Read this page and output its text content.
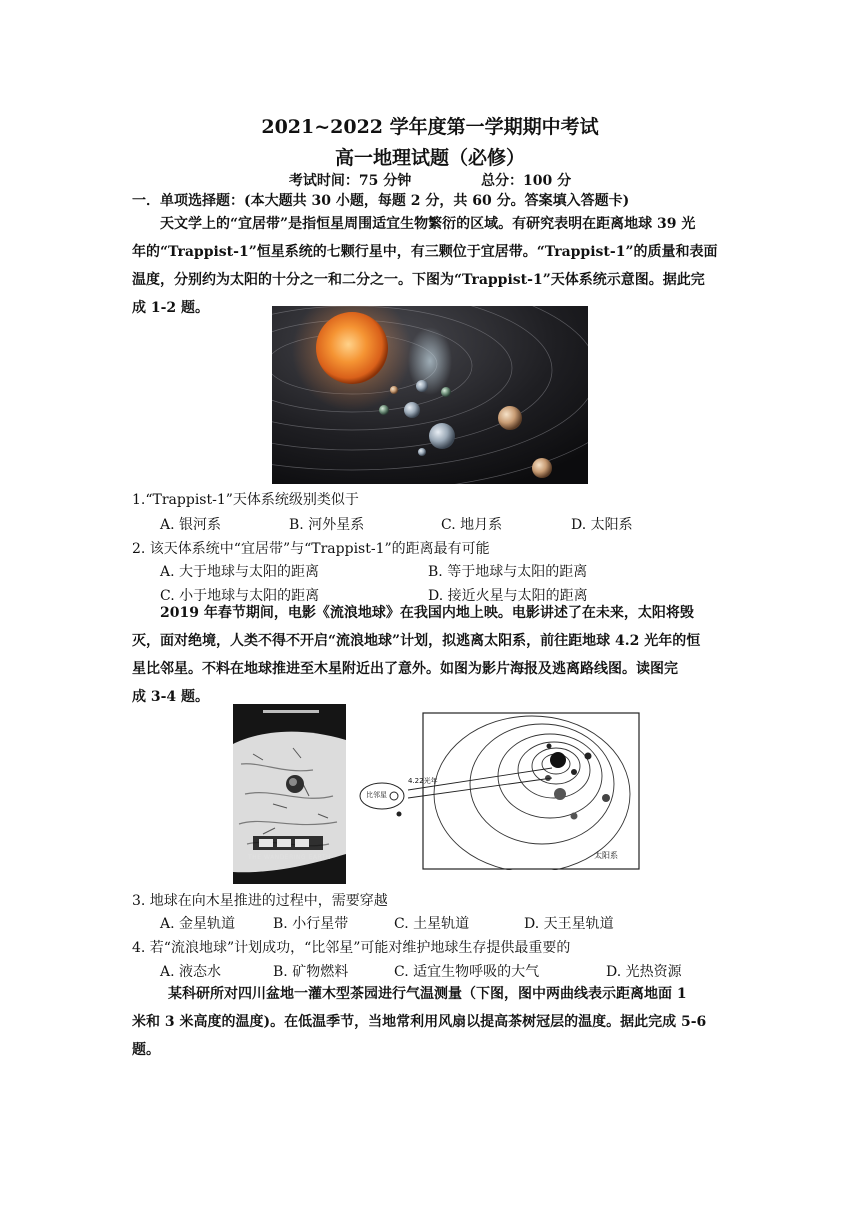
2021~2022 学年度第一学期期中考试
高一地理试题（必修）
考试时间：75 分钟	总分：100 分
一．单项选择题：(本大题共 30 小题，每题 2 分，共 60 分。答案填入答题卡)
天文学上的“宜居带”是指恒星周围适宜生物繁衍的区域。有研究表明在距离地球 39 光
年的“Trappist-1”恒星系统的七颗行星中，有三颗位于宜居带。“Trappist-1”的质量和表面
温度，分别约为太阳的十分之一和二分之一。下图为“Trappist-1”天体系统示意图。据此完
成 1-2 题。
1.“Trappist-1”天体系统级别类似于
A. 银河系	B. 河外星系	C. 地月系	D. 太阳系
2. 该天体系统中“宜居带”与“Trappist-1”的距离最有可能
A. 大于地球与太阳的距离	B. 等于地球与太阳的距离
C. 小于地球与太阳的距离	D. 接近火星与太阳的距离
2019 年春节期间，电影《流浪地球》在我国内地上映。电影讲述了在未来，太阳将毁
灭，面对绝境，人类不得不开启“流浪地球”计划，拟逃离太阳系，前往距地球 4.2 光年的恒
星比邻星。不料在地球推进至木星附近出了意外。如图为影片海报及逃离路线图。读图完
成 3-4 题。
THE WANDERING EARTH
比邻星
4.22光年
太阳系
3. 地球在向木星推进的过程中，需要穿越
A. 金星轨道	B. 小行星带	C. 土星轨道	D. 天王星轨道
4. 若“流浪地球”计划成功，“比邻星”可能对维护地球生存提供最重要的
A. 液态水	B. 矿物燃料	C. 适宜生物呼吸的大气	D. 光热资源
某科研所对四川盆地一灌木型茶园进行气温测量（下图，图中两曲线表示距离地面 1
米和 3 米高度的温度)。在低温季节，当地常利用风扇以提高茶树冠层的温度。据此完成 5-6
题。
